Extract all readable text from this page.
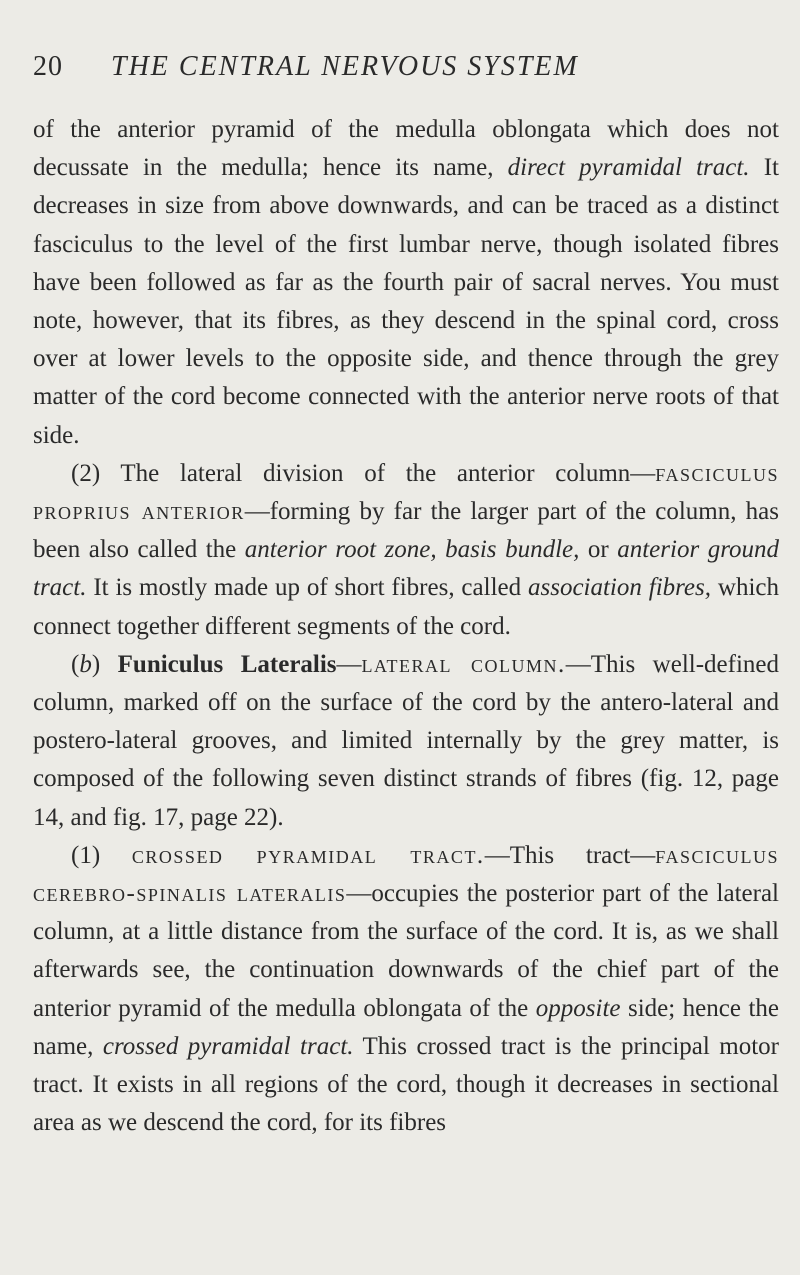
20 THE CENTRAL NERVOUS SYSTEM

of the anterior pyramid of the medulla oblongata which does not decussate in the medulla; hence its name, direct pyramidal tract. It decreases in size from above downwards, and can be traced as a distinct fasciculus to the level of the first lumbar nerve, though isolated fibres have been followed as far as the fourth pair of sacral nerves. You must note, however, that its fibres, as they descend in the spinal cord, cross over at lower levels to the opposite side, and thence through the grey matter of the cord become connected with the anterior nerve roots of that side.

(2) The lateral division of the anterior column—fasciculus proprius anterior—forming by far the larger part of the column, has been also called the anterior root zone, basis bundle, or anterior ground tract. It is mostly made up of short fibres, called association fibres, which connect together different segments of the cord.

(b) Funiculus Lateralis—lateral column.—This well-defined column, marked off on the surface of the cord by the antero-lateral and postero-lateral grooves, and limited internally by the grey matter, is composed of the following seven distinct strands of fibres (fig. 12, page 14, and fig. 17, page 22).

(1) crossed pyramidal tract.—This tract—fasciculus cerebro-spinalis lateralis—occupies the posterior part of the lateral column, at a little distance from the surface of the cord. It is, as we shall afterwards see, the continuation downwards of the chief part of the anterior pyramid of the medulla oblongata of the opposite side; hence the name, crossed pyramidal tract. This crossed tract is the principal motor tract. It exists in all regions of the cord, though it decreases in sectional area as we descend the cord, for its fibres
